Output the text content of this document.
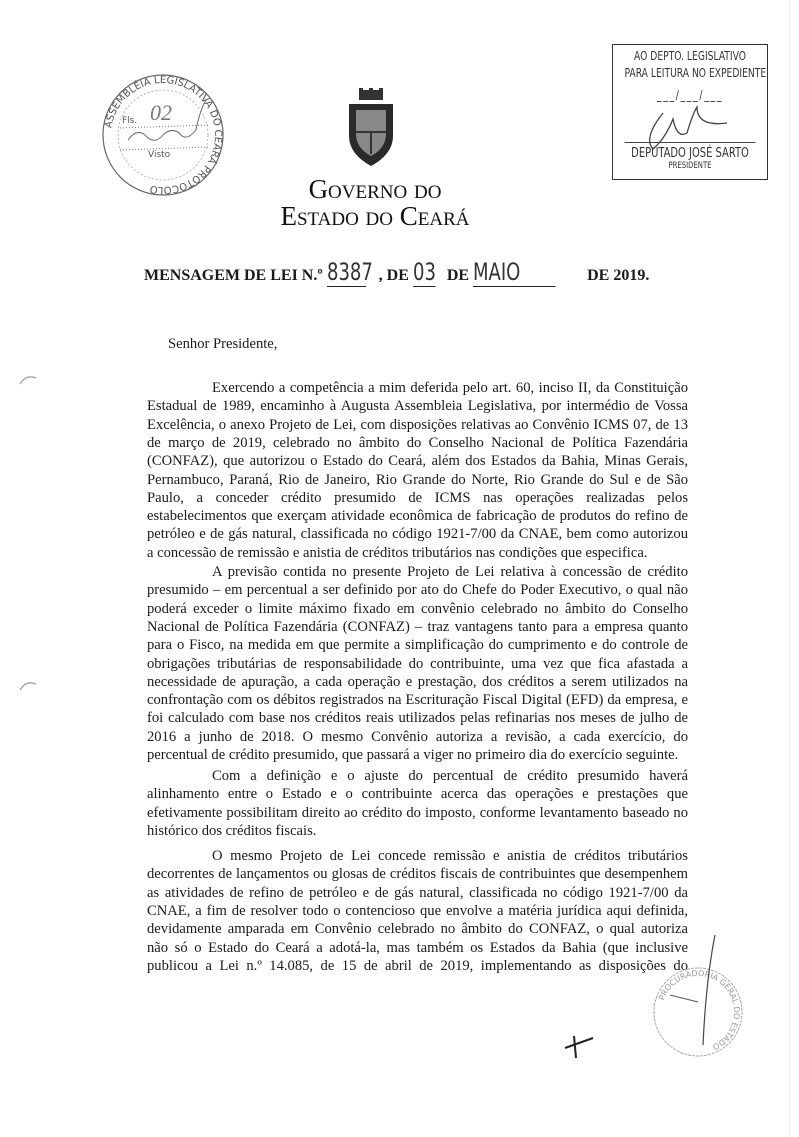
ASSEMBLÉIA LEGISLATIVA DO CEARÁ PROTOCOLO
Fls. 02
Visto
Governo do
Estado do Ceará
AO DEPTO. LEGISLATIVO
PARA LEITURA NO EXPEDIENTE
___/___/___
DEPUTADO JOSÉ SARTO
PRESIDENTE
MENSAGEM DE LEI N.º 8387 , DE 03 DE MAIO	DE 2019.
Senhor Presidente,
Exercendo a competência a mim deferida pelo art. 60, inciso II, da Constituição
Estadual de 1989, encaminho à Augusta Assembleia Legislativa, por intermédio de Vossa
Excelência, o anexo Projeto de Lei, com disposições relativas ao Convênio ICMS 07, de 13
de março de 2019, celebrado no âmbito do Conselho Nacional de Política Fazendária
(CONFAZ), que autorizou o Estado do Ceará, além dos Estados da Bahia, Minas Gerais,
Pernambuco, Paraná, Rio de Janeiro, Rio Grande do Norte, Rio Grande do Sul e de São
Paulo, a conceder crédito presumido de ICMS nas operações realizadas pelos
estabelecimentos que exerçam atividade econômica de fabricação de produtos do refino de
petróleo e de gás natural, classificada no código 1921-7/00 da CNAE, bem como autorizou
a concessão de remissão e anistia de créditos tributários nas condições que especifica.
A previsão contida no presente Projeto de Lei relativa à concessão de crédito
presumido – em percentual a ser definido por ato do Chefe do Poder Executivo, o qual não
poderá exceder o limite máximo fixado em convênio celebrado no âmbito do Conselho
Nacional de Política Fazendária (CONFAZ) – traz vantagens tanto para a empresa quanto
para o Fisco, na medida em que permite a simplificação do cumprimento e do controle de
obrigações tributárias de responsabilidade do contribuinte, uma vez que fica afastada a
necessidade de apuração, a cada operação e prestação, dos créditos a serem utilizados na
confrontação com os débitos registrados na Escrituração Fiscal Digital (EFD) da empresa, e
foi calculado com base nos créditos reais utilizados pelas refinarias nos meses de julho de
2016 a junho de 2018. O mesmo Convênio autoriza a revisão, a cada exercício, do
percentual de crédito presumido, que passará a viger no primeiro dia do exercício seguinte.
Com a definição e o ajuste do percentual de crédito presumido haverá
alinhamento entre o Estado e o contribuinte acerca das operações e prestações que
efetivamente possibilitam direito ao crédito do imposto, conforme levantamento baseado no
histórico dos créditos fiscais.
O mesmo Projeto de Lei concede remissão e anistia de créditos tributários
decorrentes de lançamentos ou glosas de créditos fiscais de contribuintes que desempenhem
as atividades de refino de petróleo e de gás natural, classificada no código 1921-7/00 da
CNAE, a fim de resolver todo o contencioso que envolve a matéria jurídica aqui definida,
devidamente amparada em Convênio celebrado no âmbito do CONFAZ, o qual autoriza
não só o Estado do Ceará a adotá-la, mas também os Estados da Bahia (que inclusive
publicou a Lei n.º 14.085, de 15 de abril de 2019, implementando as disposições do
PROCURADORIA GERAL DO ESTADO
